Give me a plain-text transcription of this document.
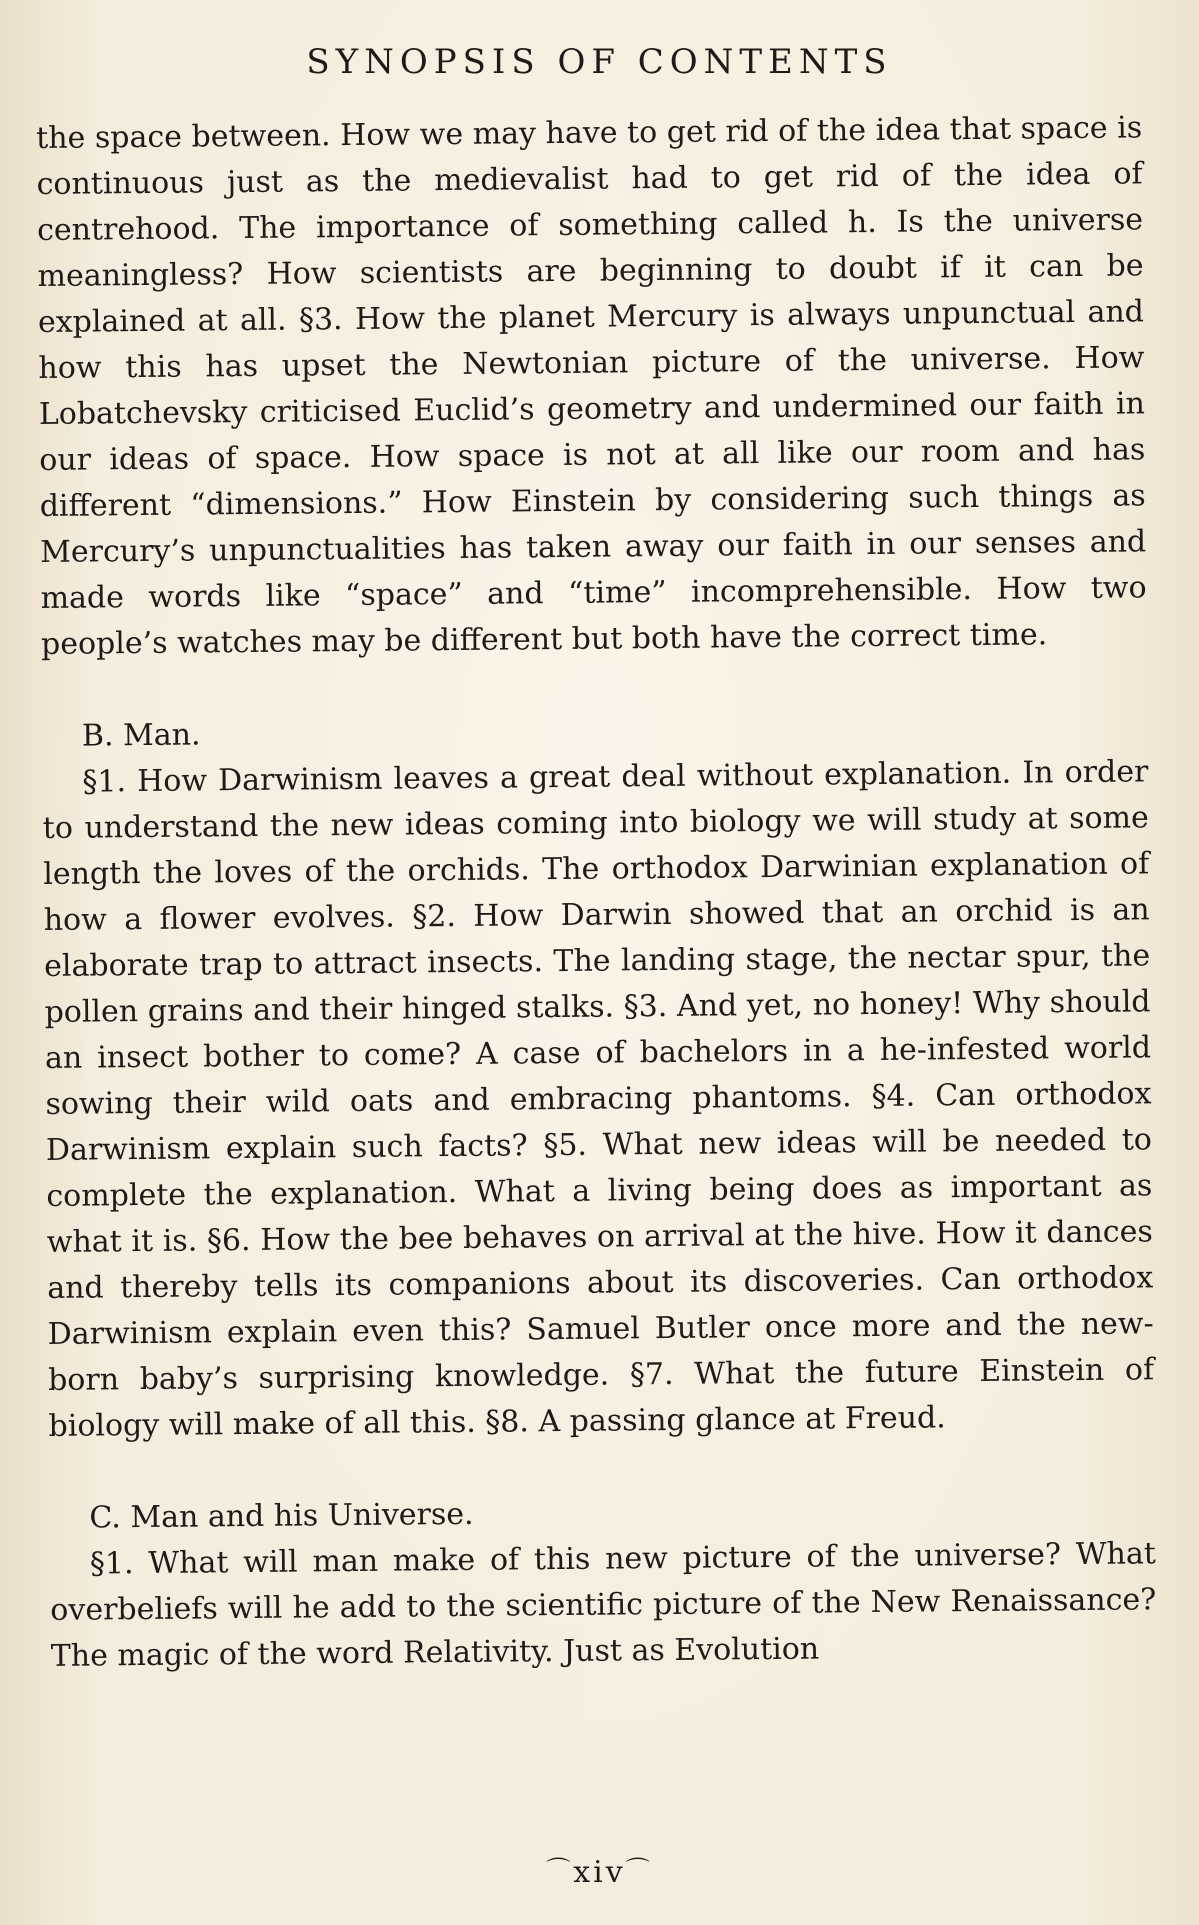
SYNOPSIS OF CONTENTS

the space between. How we may have to get rid of the idea that space is continuous just as the medievalist had to get rid of the idea of centrehood. The importance of something called h. Is the universe meaningless? How scientists are beginning to doubt if it can be explained at all. §3. How the planet Mercury is always unpunctual and how this has upset the Newtonian picture of the universe. How Lobatchevsky criticised Euclid’s geometry and undermined our faith in our ideas of space. How space is not at all like our room and has different “dimensions.” How Einstein by considering such things as Mercury’s unpunctualities has taken away our faith in our senses and made words like “space” and “time” incomprehensible. How two people’s watches may be different but both have the correct time.

B. Man.

§1. How Darwinism leaves a great deal without explanation. In order to understand the new ideas coming into biology we will study at some length the loves of the orchids. The orthodox Darwinian explanation of how a flower evolves. §2. How Darwin showed that an orchid is an elaborate trap to attract insects. The landing stage, the nectar spur, the pollen grains and their hinged stalks. §3. And yet, no honey! Why should an insect bother to come? A case of bachelors in a he-infested world sowing their wild oats and embracing phantoms. §4. Can orthodox Darwinism explain such facts? §5. What new ideas will be needed to complete the explanation. What a living being does as important as what it is. §6. How the bee behaves on arrival at the hive. How it dances and thereby tells its companions about its discoveries. Can orthodox Darwinism explain even this? Samuel Butler once more and the new-born baby’s surprising knowledge. §7. What the future Einstein of biology will make of all this. §8. A passing glance at Freud.

C. Man and his Universe.

§1. What will man make of this new picture of the universe? What overbeliefs will he add to the scientific picture of the New Renaissance? The magic of the word Relativity. Just as Evolution

⌒xiv⌒
